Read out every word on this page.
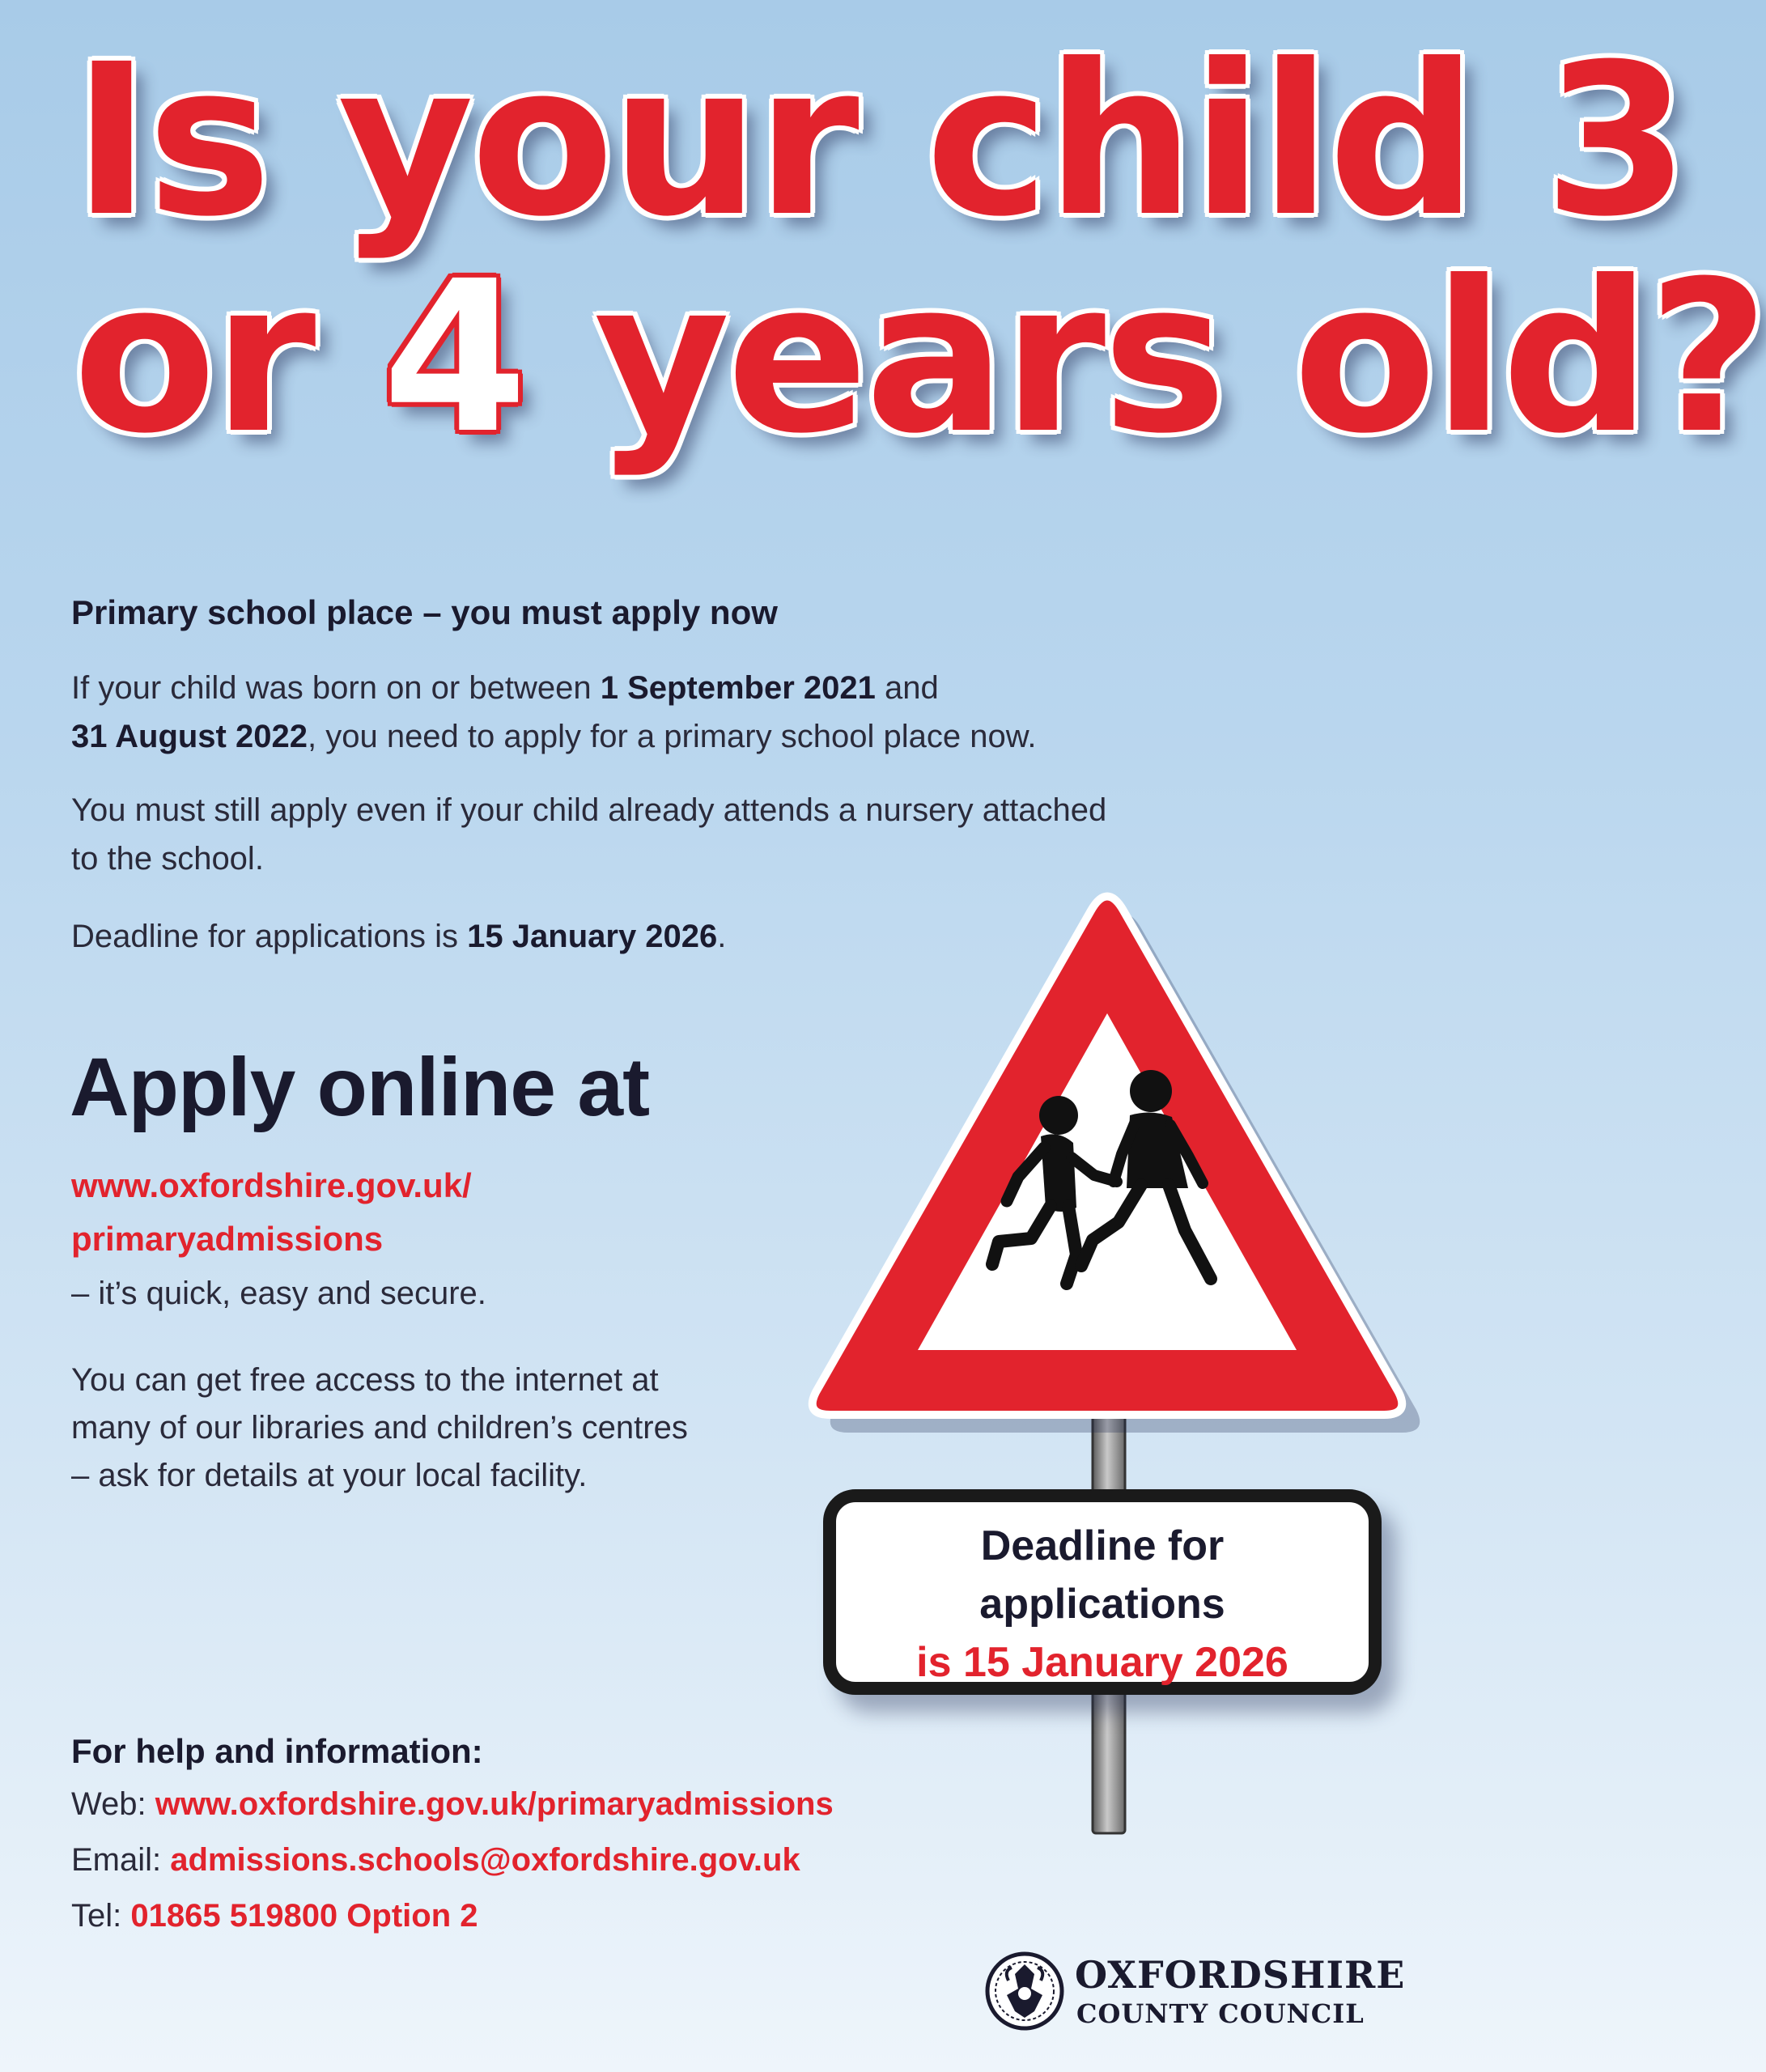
Is your child 3
or 4 years old?

Primary school place – you must apply now

If your child was born on or between 1 September 2021 and
31 August 2022, you need to apply for a primary school place now.

You must still apply even if your child already attends a nursery attached to the school.

Deadline for applications is 15 January 2026.

Apply online at

www.oxfordshire.gov.uk/

primaryadmissions

– it’s quick, easy and secure.

You can get free access to the internet at

many of our libraries and children’s centres

– ask for details at your local facility.

Deadline for
applications
is 15 January 2026

For help and information:

Web: www.oxfordshire.gov.uk/primaryadmissions

Email: admissions.schools@oxfordshire.gov.uk

Tel: 01865 519800 Option 2

OXFORDSHIRE

COUNTY COUNCIL
